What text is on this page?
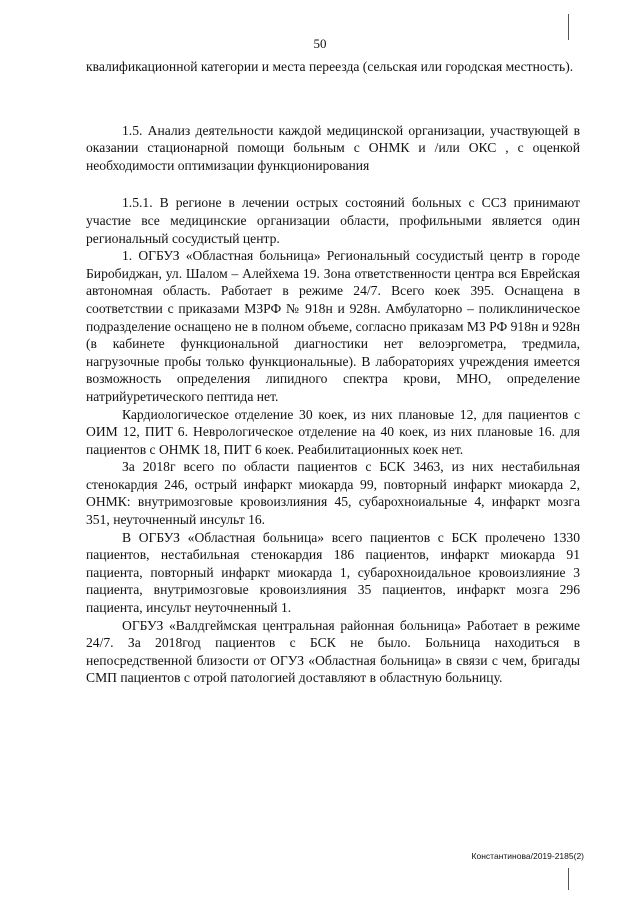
50

квалификационной категории и места переезда (сельская или городская местность).

1.5. Анализ деятельности каждой медицинской организации, участвующей в оказании стационарной помощи больным с ОНМК и /или ОКС , с оценкой необходимости оптимизации функционирования

1.5.1. В регионе в лечении острых состояний больных с ССЗ принимают участие все медицинские организации области, профильными является один региональный сосудистый центр.

1. ОГБУЗ «Областная больница» Региональный сосудистый центр в городе Биробиджан, ул. Шалом – Алейхема 19. Зона ответственности центра вся Еврейская автономная область. Работает в режиме 24/7. Всего коек 395. Оснащена в соответствии с приказами МЗРФ № 918н и 928н. Амбулаторно – поликлиническое подразделение оснащено не в полном объеме, согласно приказам МЗ РФ 918н и 928н (в кабинете функциональной диагностики нет велоэргометра, тредмила, нагрузочные пробы только функциональные). В лабораториях учреждения имеется возможность определения липидного спектра крови, МНО, определение натрийуретического пептида нет.

Кардиологическое отделение 30 коек, из них плановые 12, для пациентов с ОИМ 12, ПИТ 6. Неврологическое отделение на 40 коек, из них плановые 16. для пациентов с ОНМК 18, ПИТ 6 коек. Реабилитационных коек нет.

За 2018г всего по области пациентов с БСК 3463, из них нестабильная стенокардия 246, острый инфаркт миокарда 99, повторный инфаркт миокарда 2, ОНМК: внутримозговые кровоизлияния 45, субарохноиальные 4, инфаркт мозга 351, неуточненный инсульт 16.

В ОГБУЗ «Областная больница» всего пациентов с БСК пролечено 1330 пациентов, нестабильная стенокардия 186 пациентов, инфаркт миокарда 91 пациента, повторный инфаркт миокарда 1, субарохноидальное кровоизлияние 3 пациента, внутримозговые кровоизлияния 35 пациентов, инфаркт мозга 296 пациента, инсульт неуточненный 1.

ОГБУЗ «Валдгеймская центральная районная больница» Работает в режиме 24/7. За 2018год пациентов с БСК не было. Больница находиться в непосредственной близости от ОГУЗ «Областная больница» в связи с чем, бригады СМП пациентов с отрой патологией доставляют в областную больницу.

Константинова/2019-2185(2)
